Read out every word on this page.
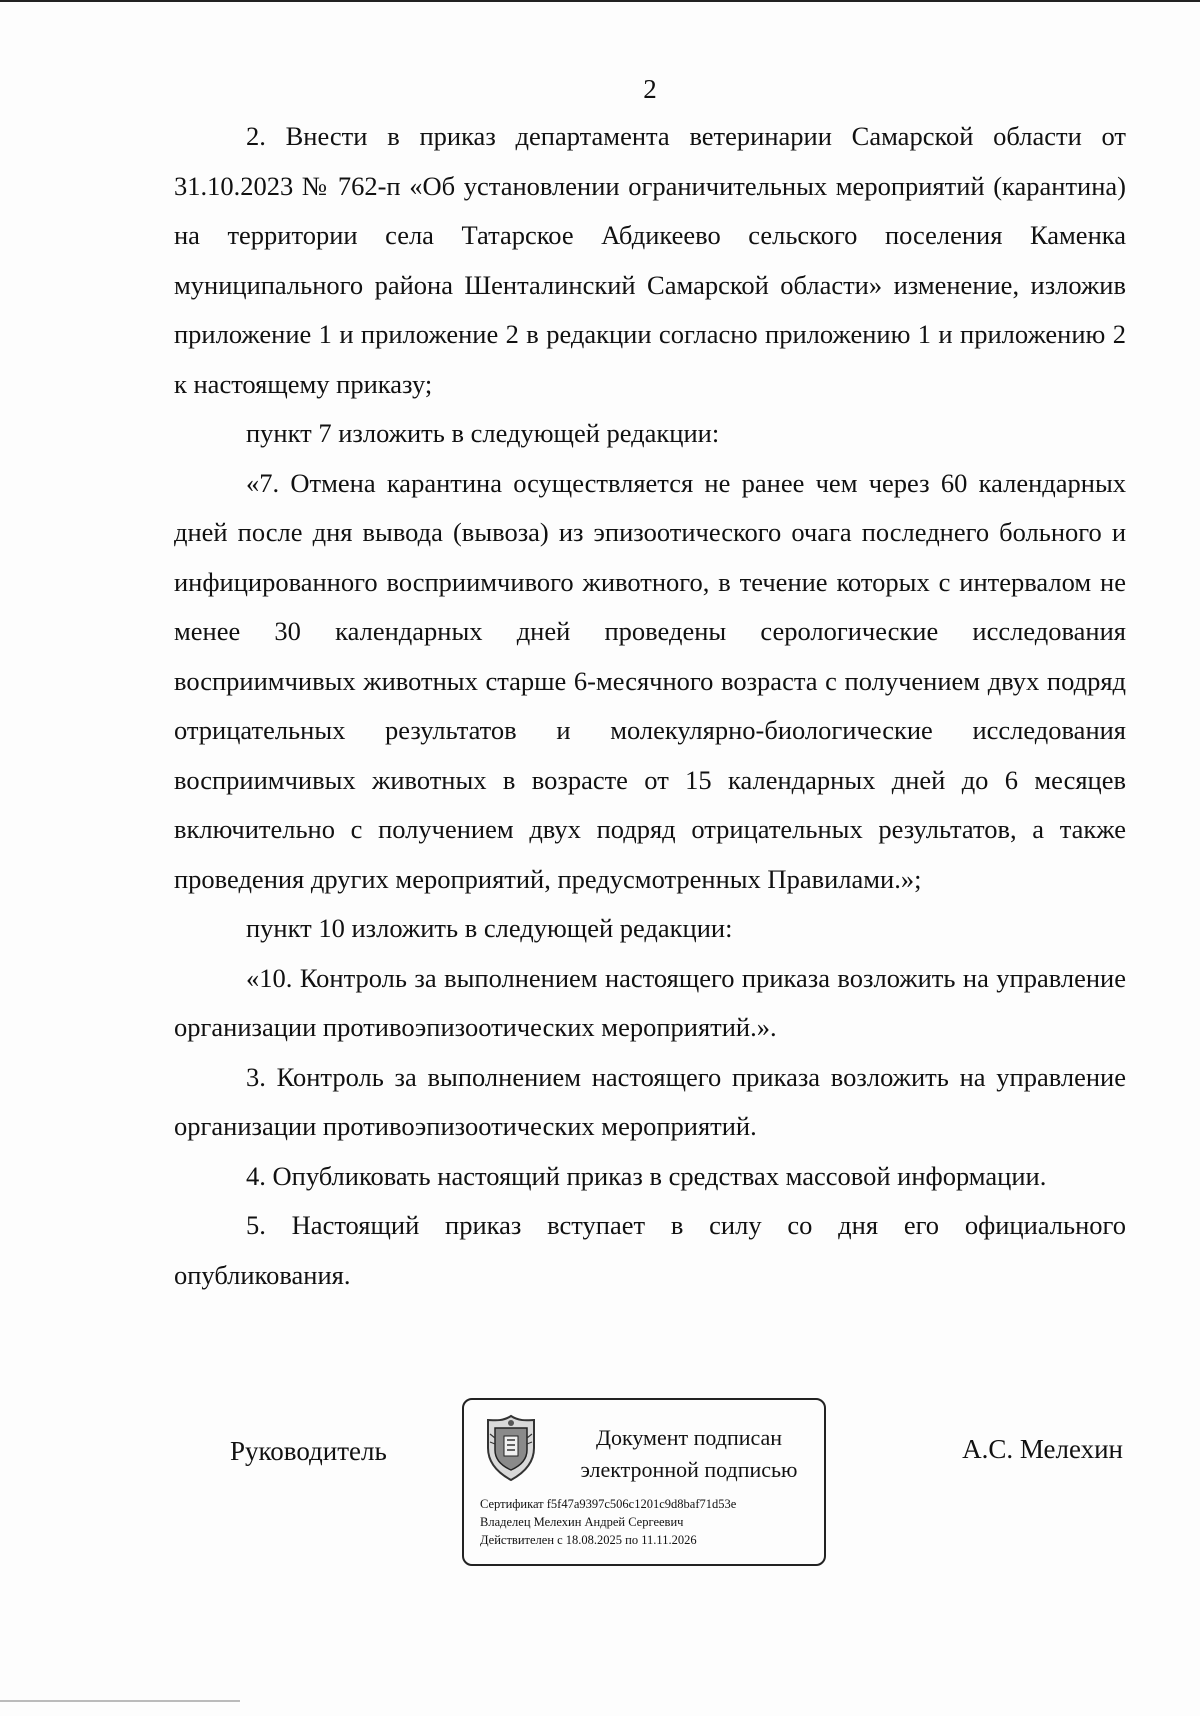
2

2. Внести в приказ департамента ветеринарии Самарской области от 31.10.2023 № 762-п «Об установлении ограничительных мероприятий (карантина) на территории села Татарское Абдикеево сельского поселения Каменка муниципального района Шенталинский Самарской области» изменение, изложив приложение 1 и приложение 2 в редакции согласно приложению 1 и приложению 2 к настоящему приказу;

пункт 7 изложить в следующей редакции:

«7. Отмена карантина осуществляется не ранее чем через 60 календарных дней после дня вывода (вывоза) из эпизоотического очага последнего больного и инфицированного восприимчивого животного, в течение которых с интервалом не менее 30 календарных дней проведены серологические исследования восприимчивых животных старше 6-месячного возраста с получением двух подряд отрицательных результатов и молекулярно-биологические исследования восприимчивых животных в возрасте от 15 календарных дней до 6 месяцев включительно с получением двух подряд отрицательных результатов, а также проведения других мероприятий, предусмотренных Правилами.»;

пункт 10 изложить в следующей редакции:

«10. Контроль за выполнением настоящего приказа возложить на управление организации противоэпизоотических мероприятий.».

3. Контроль за выполнением настоящего приказа возложить на управление организации противоэпизоотических мероприятий.

4. Опубликовать настоящий приказ в средствах массовой информации.

5. Настоящий приказ вступает в силу со дня его официального опубликования.

Руководитель	Документ подписан
электронной подписью
Сертификат f5f47a9397c506c1201c9d8baf71d53e
Владелец Мелехин Андрей Сергеевич
Действителен с 18.08.2025 по 11.11.2026
А.С. Мелехин
